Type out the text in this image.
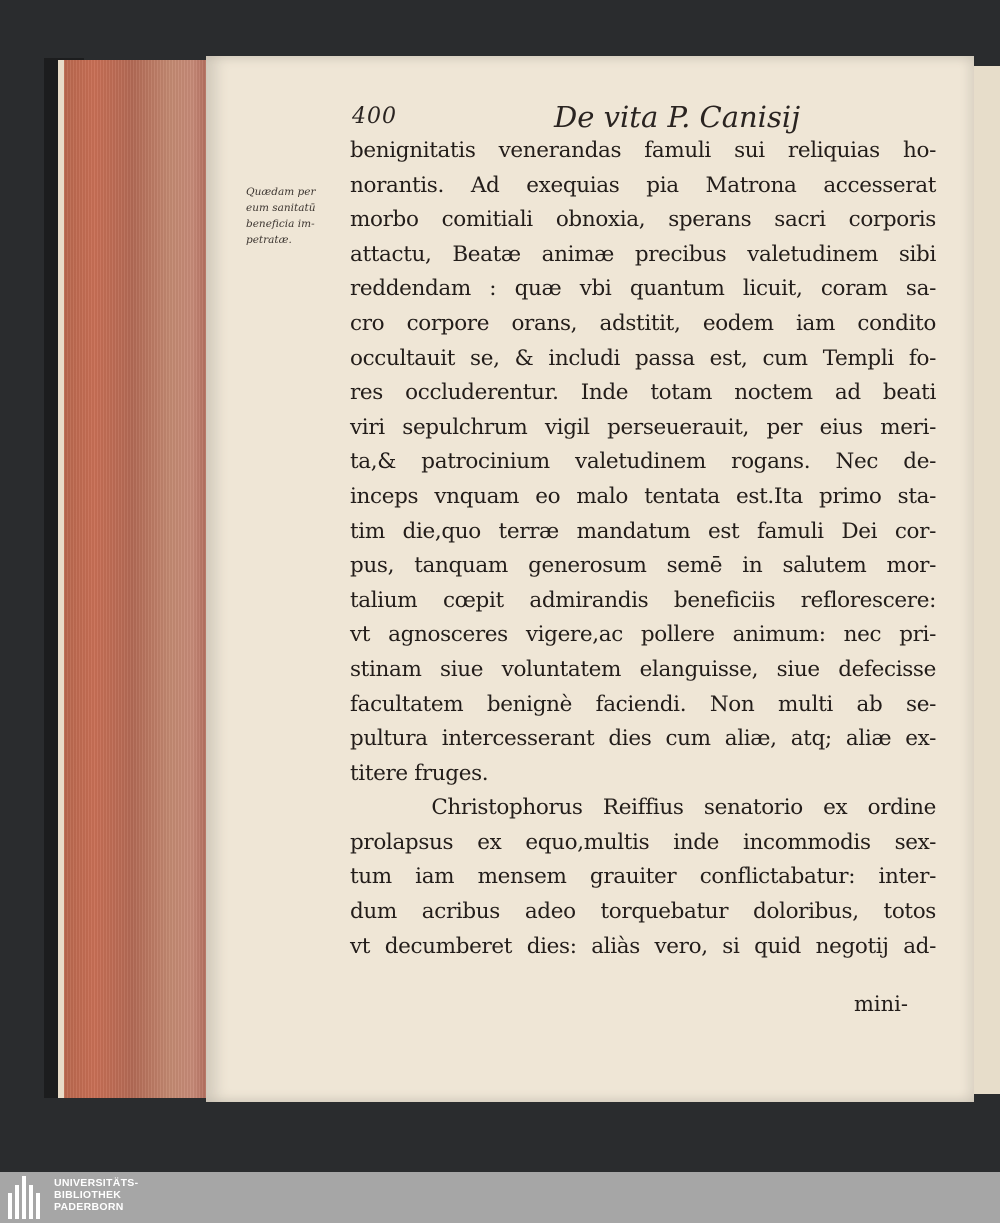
400	De vita P. Canisij
Quædam per
eum sanitatū
beneficia im-
petratæ.
benignitatis venerandas famuli sui reliquias ho-
norantis. Ad exequias pia Matrona accesserat
morbo comitiali obnoxia, sperans sacri corporis
attactu, Beatæ animæ precibus valetudinem sibi
reddendam : quæ vbi quantum licuit, coram sa-
cro corpore orans, adstitit, eodem iam condito
occultauit se, & includi passa est, cum Templi fo-
res occluderentur. Inde totam noctem ad beati
viri sepulchrum vigil perseuerauit, per eius meri-
ta,& patrocinium valetudinem rogans. Nec de-
inceps vnquam eo malo tentata est.Ita primo sta-
tim die,quo terræ mandatum est famuli Dei cor-
pus, tanquam generosum semē in salutem mor-
talium cœpit admirandis beneficiis reflorescere:
vt agnosceres vigere,ac pollere animum: nec pri-
stinam siue voluntatem elanguisse, siue defecisse
facultatem benignè faciendi. Non multi ab se-
pultura intercesserant dies cum aliæ, atq; aliæ ex-
titere fruges.
Christophorus Reiffius senatorio ex ordine
prolapsus ex equo,multis inde incommodis sex-
tum iam mensem grauiter conflictabatur: inter-
dum acribus adeo torquebatur doloribus, totos
vt decumberet dies: aliàs vero, si quid negotij ad-
mini-
UNIVERSITÄTS-
BIBLIOTHEK
PADERBORN
